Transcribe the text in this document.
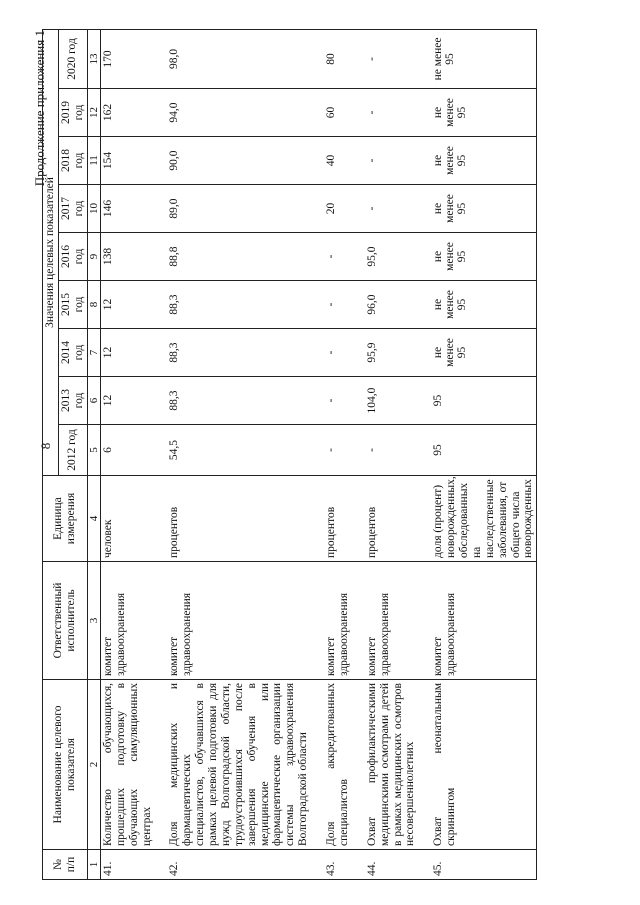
8
Продолжение приложения 1
№ п/п	Наименование целевого показателя	Ответственный исполнитель	Единица измерения	Значения целевых показателей								
				2012 год	2013 год	2014 год	2015 год	2016 год	2017 год	2018 год	2019 год	2020 год
1	2	3	4	5	6	7	8	9	10	11	12	13
41.	Количество обучающихся, прошедших подготовку в обучающих симуляционных центрах	комитет здравоохранения	человек	6	12	12	12	138	146	154	162	170
42.	Доля медицинских и фармацевтических специалистов, обучавшихся в рамках целевой подготовки для нужд Волгоградской области, трудоустроившихся после завершения обучения в медицинские или фармацевтические организации системы здравоохранения Волгоградской области	комитет здравоохранения	процентов	54,5	88,3	88,3	88,3	88,8	89,0	90,0	94,0	98,0
43.	Доля аккредитованных специалистов	комитет здравоохранения	процентов	-	-	-	-	-	20	40	60	80
44.	Охват профилактическими медицинскими осмотрами детей в рамках медицинских осмотров несовершеннолетних	комитет здравоохранения	процентов	-	104,0	95,9	96,0	95,0	-	-	-	-
45.	Охват неонатальным скринингом	комитет здравоохранения	доля (процент) новорожденных, обследованных на наследственные заболевания, от общего числа новорожденных	95	95	не менее 95	не менее 95	не менее 95	не менее 95	не менее 95	не менее 95	не менее 95
